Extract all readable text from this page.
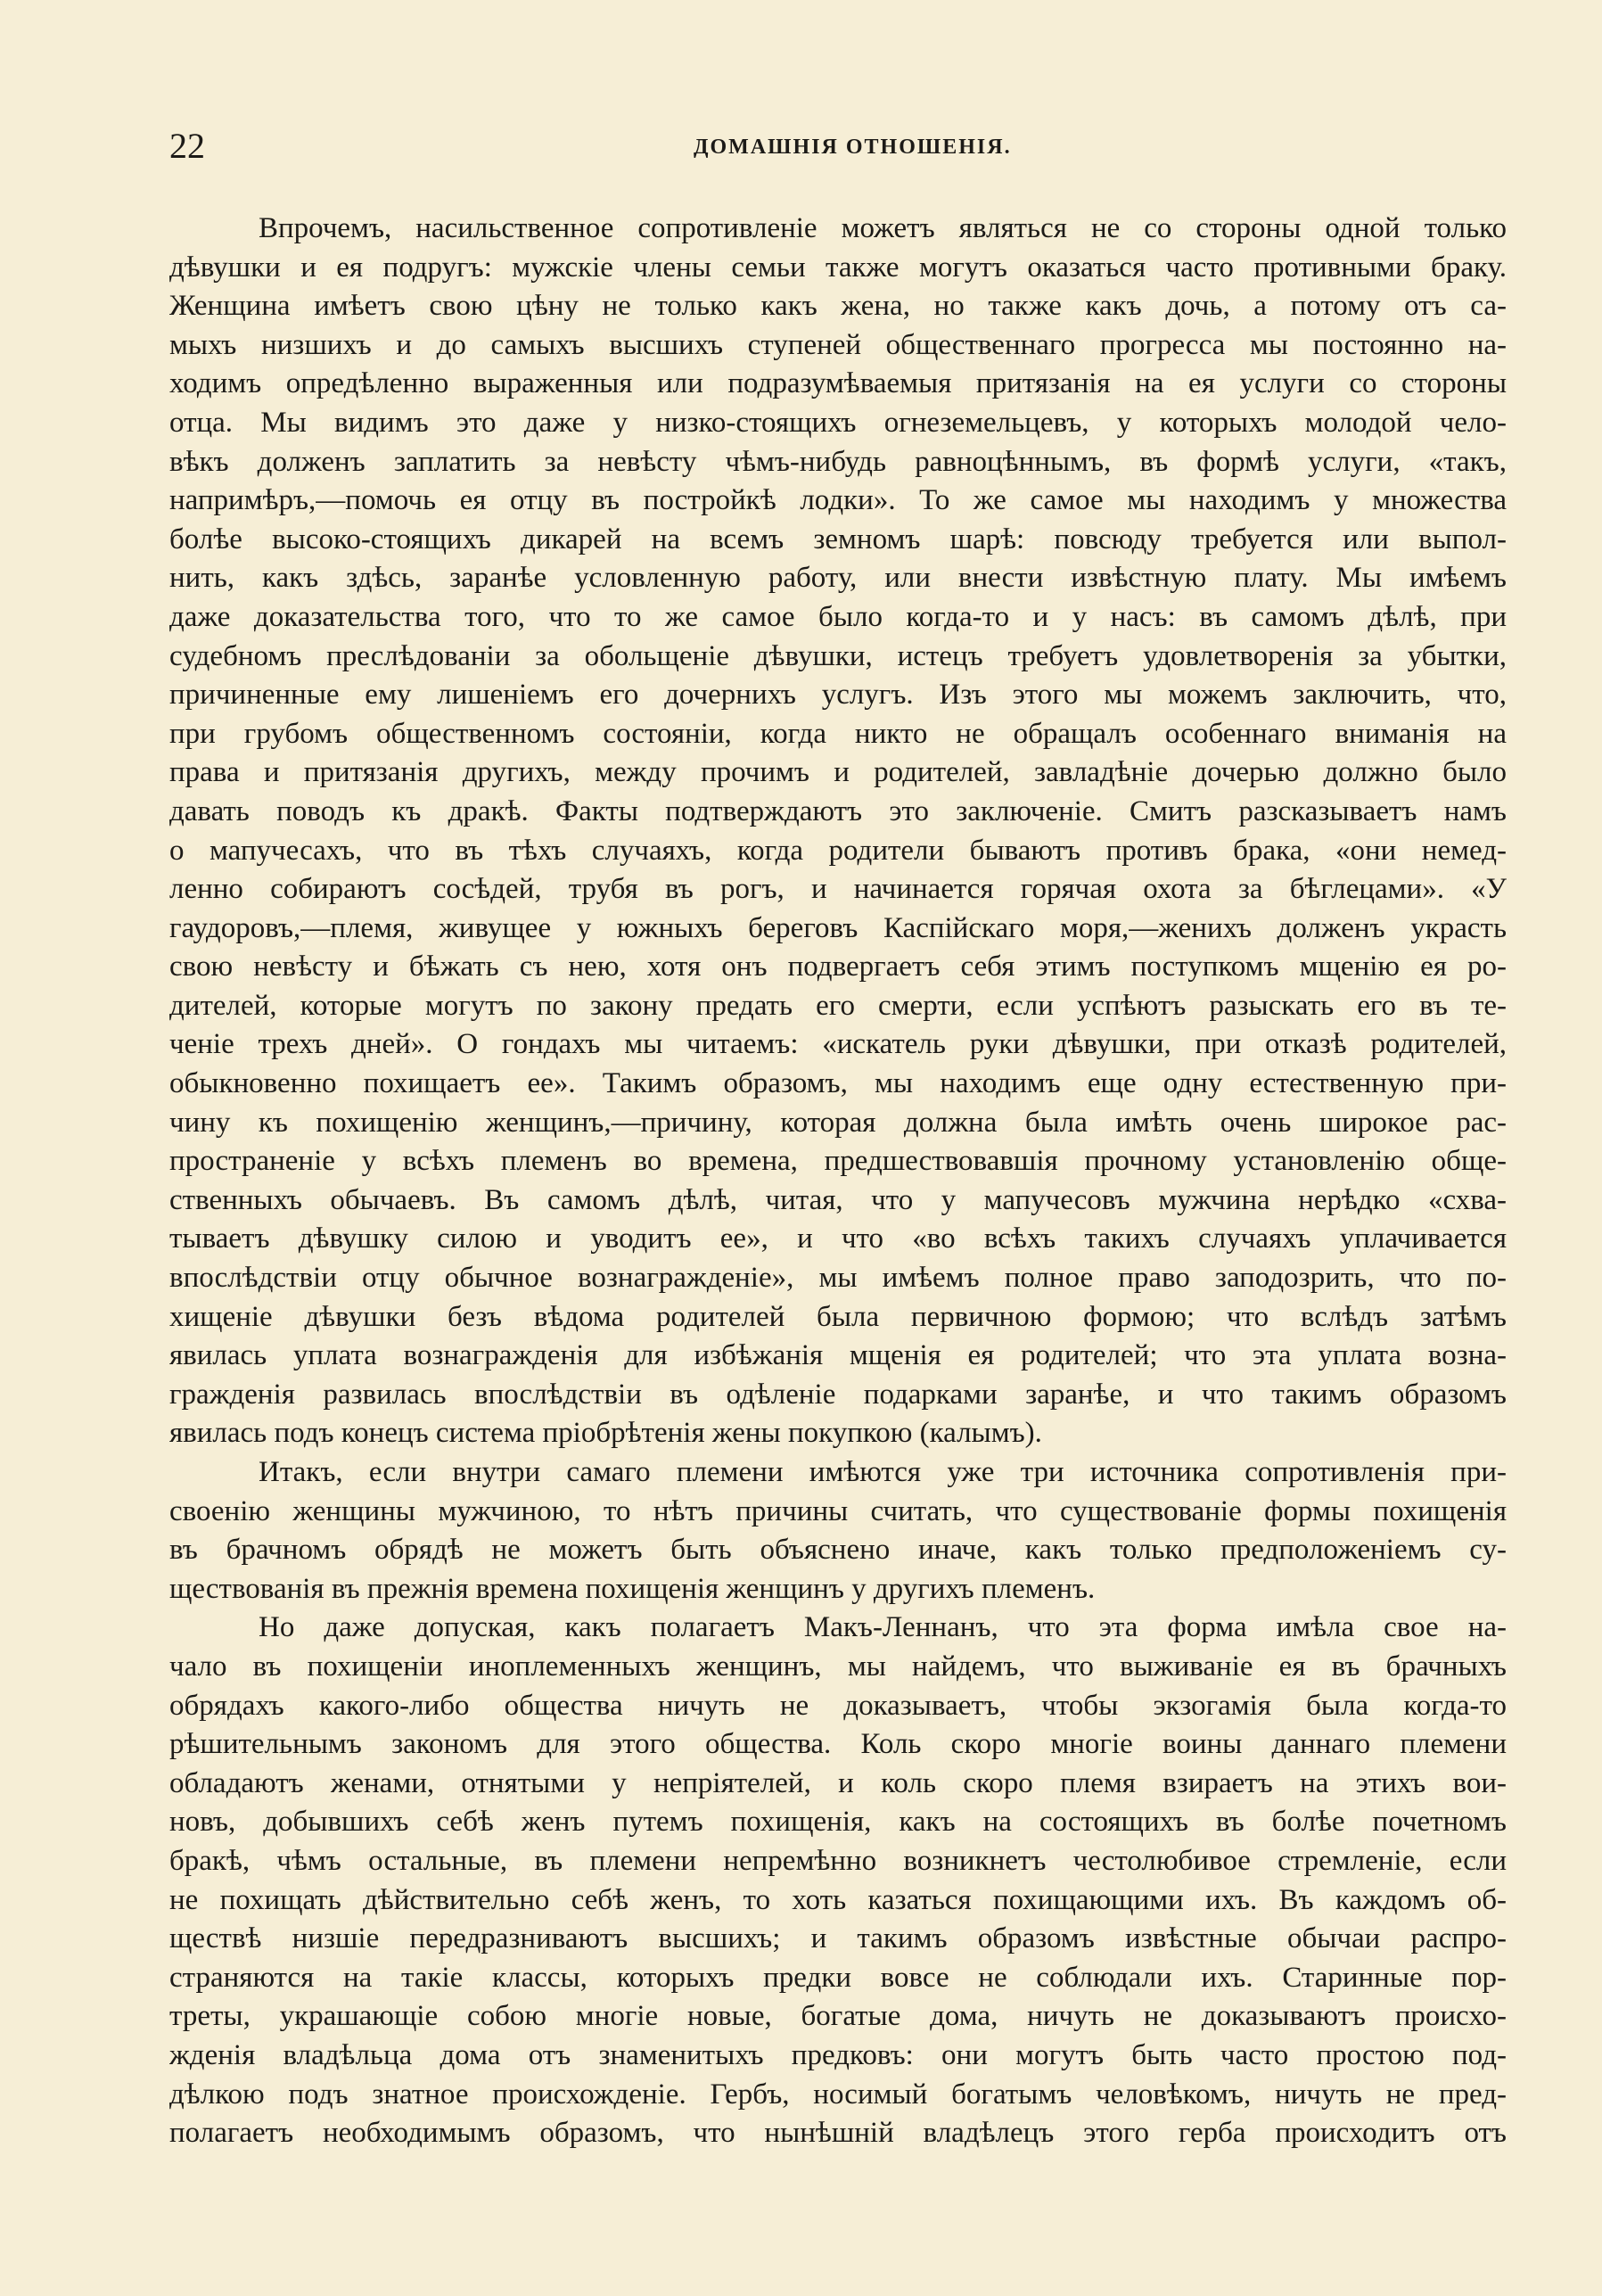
22	ДОМАШНІЯ ОТНОШЕНІЯ.
Впрочемъ, насильственное сопротивленіе можетъ являться не со стороны одной только
дѣвушки и ея подругъ: мужскіе члены семьи также могутъ оказаться часто противными браку.
Женщина имѣетъ свою цѣну не только какъ жена, но также какъ дочь, а потому отъ са-
мыхъ низшихъ и до самыхъ высшихъ ступеней общественнаго прогресса мы постоянно на-
ходимъ опредѣленно выраженныя или подразумѣваемыя притязанія на ея услуги со стороны
отца. Мы видимъ это даже у низко-стоящихъ огнеземельцевъ, у которыхъ молодой чело-
вѣкъ долженъ заплатить за невѣсту чѣмъ-нибудь равноцѣннымъ, въ формѣ услуги, «такъ,
напримѣръ,—помочь ея отцу въ постройкѣ лодки». То же самое мы находимъ у множества
болѣе высоко-стоящихъ дикарей на всемъ земномъ шарѣ: повсюду требуется или выпол-
нить, какъ здѣсь, заранѣе условленную работу, или внести извѣстную плату. Мы имѣемъ
даже доказательства того, что то же самое было когда-то и у насъ: въ самомъ дѣлѣ, при
судебномъ преслѣдованіи за обольщеніе дѣвушки, истецъ требуетъ удовлетворенія за убытки,
причиненные ему лишеніемъ его дочернихъ услугъ. Изъ этого мы можемъ заключить, что,
при грубомъ общественномъ состояніи, когда никто не обращалъ особеннаго вниманія на
права и притязанія другихъ, между прочимъ и родителей, завладѣніе дочерью должно было
давать поводъ къ дракѣ. Факты подтверждаютъ это заключеніе. Смитъ разсказываетъ намъ
о мапучесахъ, что въ тѣхъ случаяхъ, когда родители бываютъ противъ брака, «они немед-
ленно собираютъ сосѣдей, трубя въ рогъ, и начинается горячая охота за бѣглецами». «У
гаудоровъ,—племя, живущее у южныхъ береговъ Каспійскаго моря,—женихъ долженъ украсть
свою невѣсту и бѣжать съ нею, хотя онъ подвергаетъ себя этимъ поступкомъ мщенію ея ро-
дителей, которые могутъ по закону предать его смерти, если успѣютъ разыскать его въ те-
ченіе трехъ дней». О гондахъ мы читаемъ: «искатель руки дѣвушки, при отказѣ родителей,
обыкновенно похищаетъ ее». Такимъ образомъ, мы находимъ еще одну естественную при-
чину къ похищенію женщинъ,—причину, которая должна была имѣть очень широкое рас-
пространеніе у всѣхъ племенъ во времена, предшествовавшія прочному установленію обще-
ственныхъ обычаевъ. Въ самомъ дѣлѣ, читая, что у мапучесовъ мужчина нерѣдко «схва-
тываетъ дѣвушку силою и уводитъ ее», и что «во всѣхъ такихъ случаяхъ уплачивается
впослѣдствіи отцу обычное вознагражденіе», мы имѣемъ полное право заподозрить, что по-
хищеніе дѣвушки безъ вѣдома родителей была первичною формою; что вслѣдъ затѣмъ
явилась уплата вознагражденія для избѣжанія мщенія ея родителей; что эта уплата возна-
гражденія развилась впослѣдствіи въ одѣленіе подарками заранѣе, и что такимъ образомъ
явилась подъ конецъ система пріобрѣтенія жены покупкою (калымъ).
Итакъ, если внутри самаго племени имѣются уже три источника сопротивленія при-
своенію женщины мужчиною, то нѣтъ причины считать, что существованіе формы похищенія
въ брачномъ обрядѣ не можетъ быть объяснено иначе, какъ только предположеніемъ су-
ществованія въ прежнія времена похищенія женщинъ у другихъ племенъ.
Но даже допуская, какъ полагаетъ Макъ-Леннанъ, что эта форма имѣла свое на-
чало въ похищеніи иноплеменныхъ женщинъ, мы найдемъ, что выживаніе ея въ брачныхъ
обрядахъ какого-либо общества ничуть не доказываетъ, чтобы экзогамія была когда-то
рѣшительнымъ закономъ для этого общества. Коль скоро многіе воины даннаго племени
обладаютъ женами, отнятыми у непріятелей, и коль скоро племя взираетъ на этихъ вои-
новъ, добывшихъ себѣ женъ путемъ похищенія, какъ на состоящихъ въ болѣе почетномъ
бракѣ, чѣмъ остальные, въ племени непремѣнно возникнетъ честолюбивое стремленіе, если
не похищать дѣйствительно себѣ женъ, то хоть казаться похищающими ихъ. Въ каждомъ об-
ществѣ низшіе передразниваютъ высшихъ; и такимъ образомъ извѣстные обычаи распро-
страняются на такіе классы, которыхъ предки вовсе не соблюдали ихъ. Старинные пор-
треты, украшающіе собою многіе новые, богатые дома, ничуть не доказываютъ происхо-
жденія владѣльца дома отъ знаменитыхъ предковъ: они могутъ быть часто простою под-
дѣлкою подъ знатное происхожденіе. Гербъ, носимый богатымъ человѣкомъ, ничуть не пред-
полагаетъ необходимымъ образомъ, что нынѣшній владѣлецъ этого герба происходитъ отъ
